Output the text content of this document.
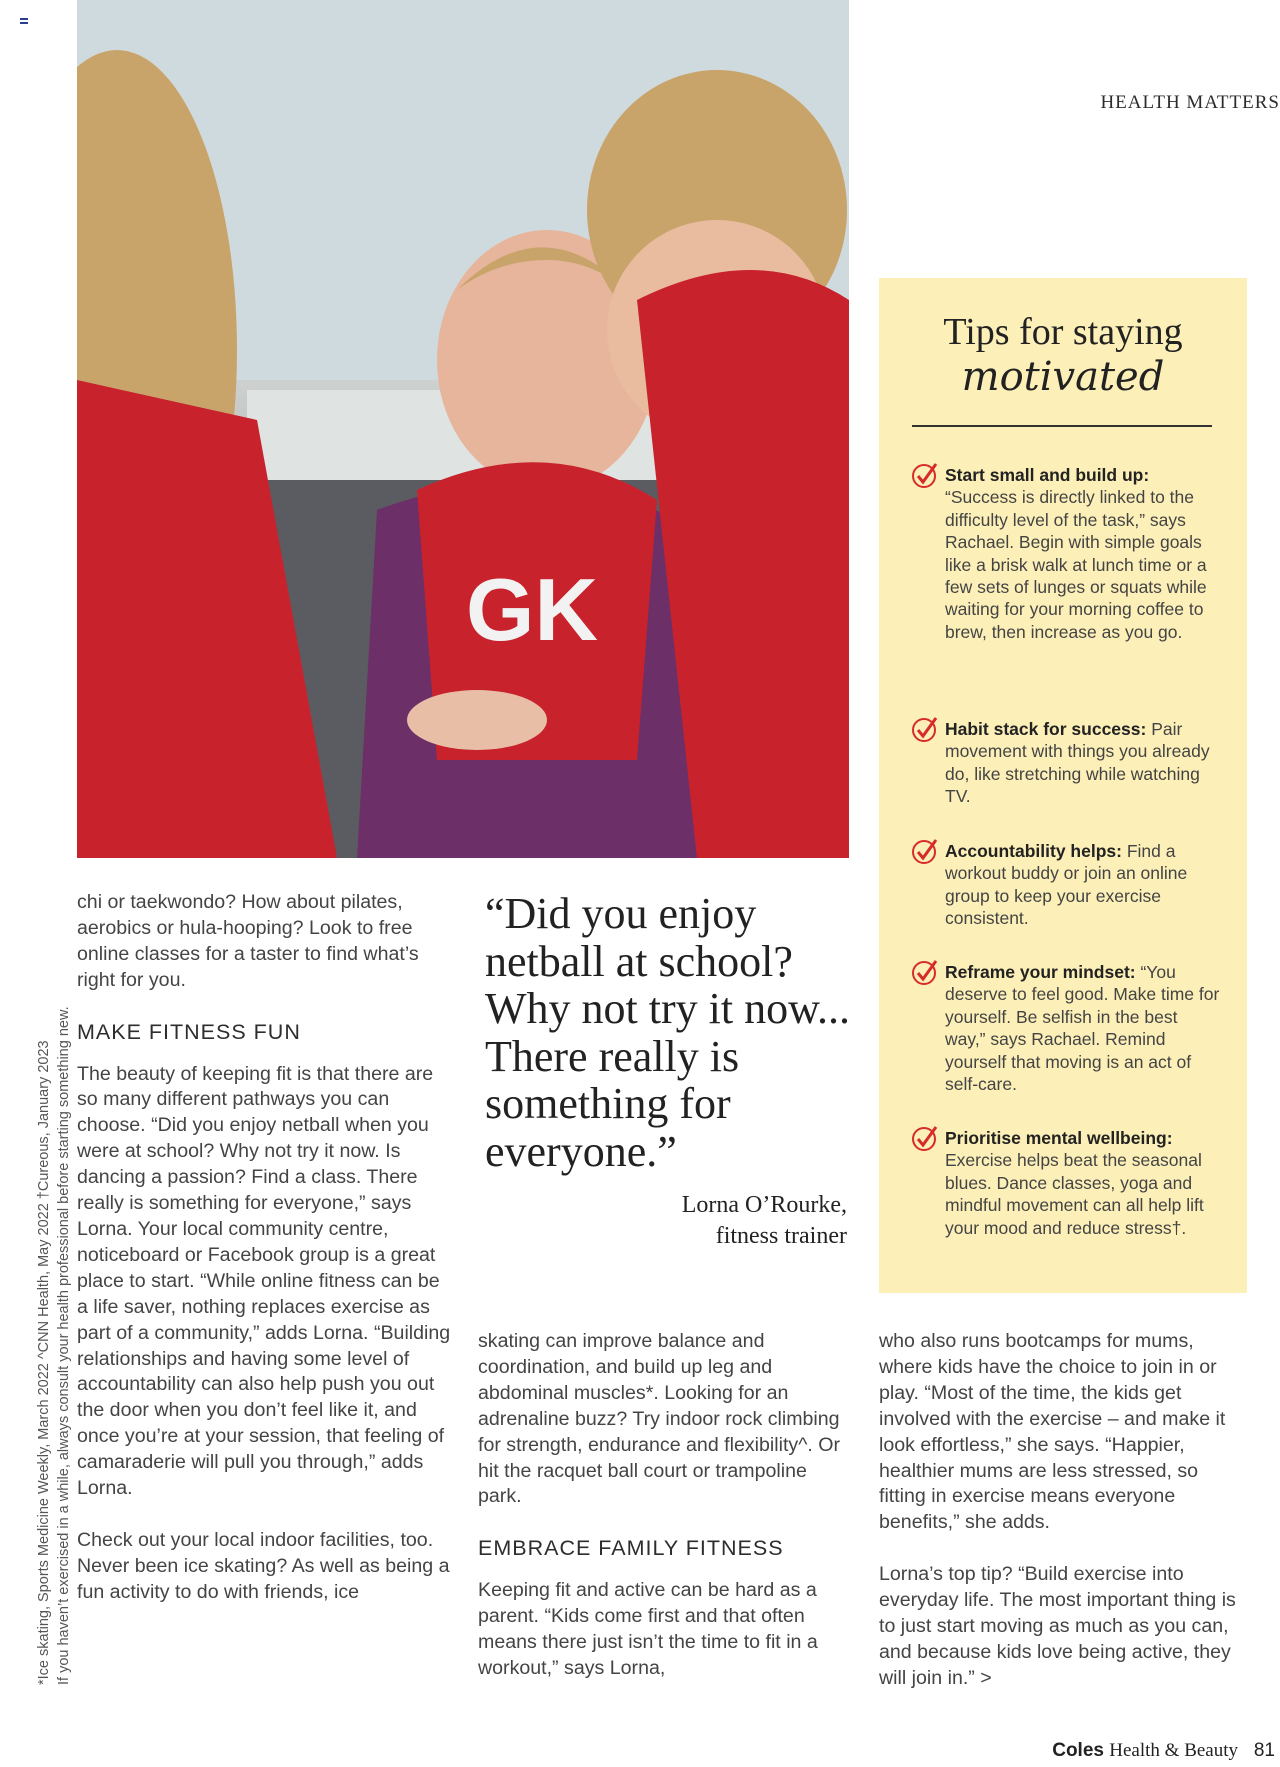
GK
HEALTH MATTERS
Tips for staying
motivated

Start small and build up: “Success is directly linked to the difficulty level of the task,” says Rachael. Begin with simple goals like a brisk walk at lunch time or a few sets of lunges or squats while waiting for your morning coffee to brew, then increase as you go.

Habit stack for success: Pair movement with things you already do, like stretching while watching TV.

Accountability helps: Find a workout buddy or join an online group to keep your exercise consistent.

Reframe your mindset: “You deserve to feel good. Make time for yourself. Be selfish in the best way,” says Rachael. Remind yourself that moving is an act of self-care.

Prioritise mental wellbeing: Exercise helps beat the seasonal blues. Dance classes, yoga and mindful movement can all help lift your mood and reduce stress†.

chi or taekwondo? How about pilates, aerobics or hula-hooping? Look to free online classes for a taster to find what’s right for you.

MAKE FITNESS FUN

The beauty of keeping fit is that there are so many different pathways you can choose. “Did you enjoy netball when you were at school? Why not try it now. Is dancing a passion? Find a class. There really is something for everyone,” says Lorna. Your local community centre, noticeboard or Facebook group is a great place to start. “While online fitness can be a life saver, nothing replaces exercise as part of a community,” adds Lorna. “Building relationships and having some level of accountability can also help push you out the door when you don’t feel like it, and once you’re at your session, that feeling of camaraderie will pull you through,” adds Lorna.

Check out your local indoor facilities, too. Never been ice skating? As well as being a fun activity to do with friends, ice

“Did you enjoy netball at school? Why not try it now... There really is something for everyone.”
Lorna O’Rourke,
fitness trainer

skating can improve balance and coordination, and build up leg and abdominal muscles*. Looking for an adrenaline buzz? Try indoor rock climbing for strength, endurance and flexibility^. Or hit the racquet ball court or trampoline park.

EMBRACE FAMILY FITNESS

Keeping fit and active can be hard as a parent. “Kids come first and that often means there just isn’t the time to fit in a workout,” says Lorna,

who also runs bootcamps for mums, where kids have the choice to join in or play. “Most of the time, the kids get involved with the exercise – and make it look effortless,” she says. “Happier, healthier mums are less stressed, so fitting in exercise means everyone benefits,” she adds.

Lorna’s top tip? “Build exercise into everyday life. The most important thing is to just start moving as much as you can, and because kids love being active, they will join in.” >

*Ice skating, Sports Medicine Weekly, March 2022 ^CNN Health, May 2022 †Cureous, January 2023 If you haven’t exercised in a while, always consult your health professional before starting something new.
Coles Health & Beauty 81
